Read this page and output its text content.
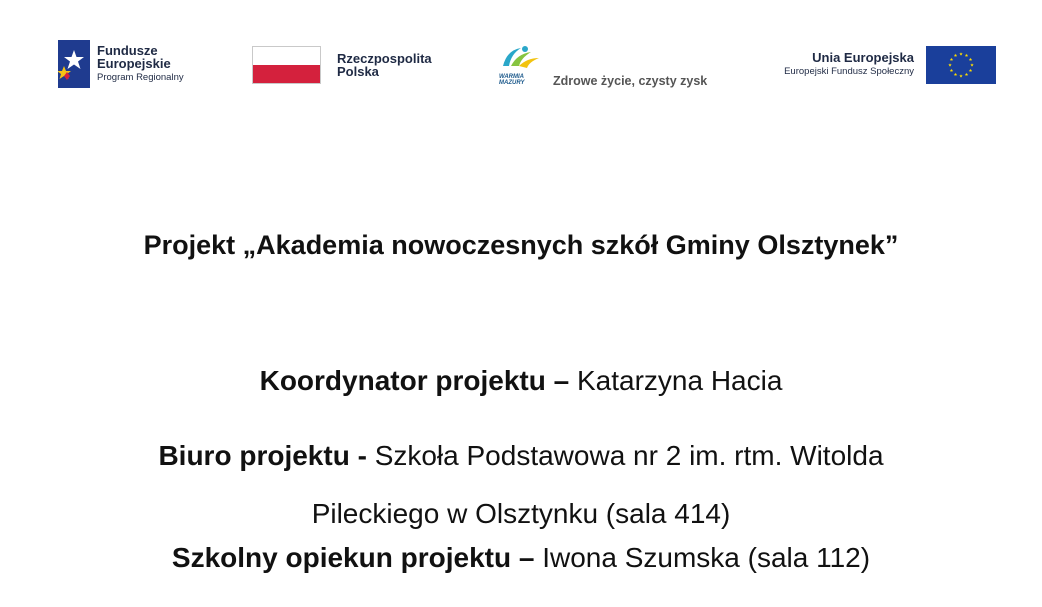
Fundusze
Europejskie
Program Regionalny
Rzeczpospolita
Polska	WARMIA
MAZURY Zdrowe życie, czysty zysk
Unia Europejska
Europejski Fundusz Społeczny
Projekt „Akademia nowoczesnych szkół Gminy Olsztynek”
Koordynator projektu – Katarzyna Hacia
Biuro projektu - Szkoła Podstawowa nr 2 im. rtm. Witolda
Pileckiego w Olsztynku (sala 414)
Szkolny opiekun projektu – Iwona Szumska (sala 112)
